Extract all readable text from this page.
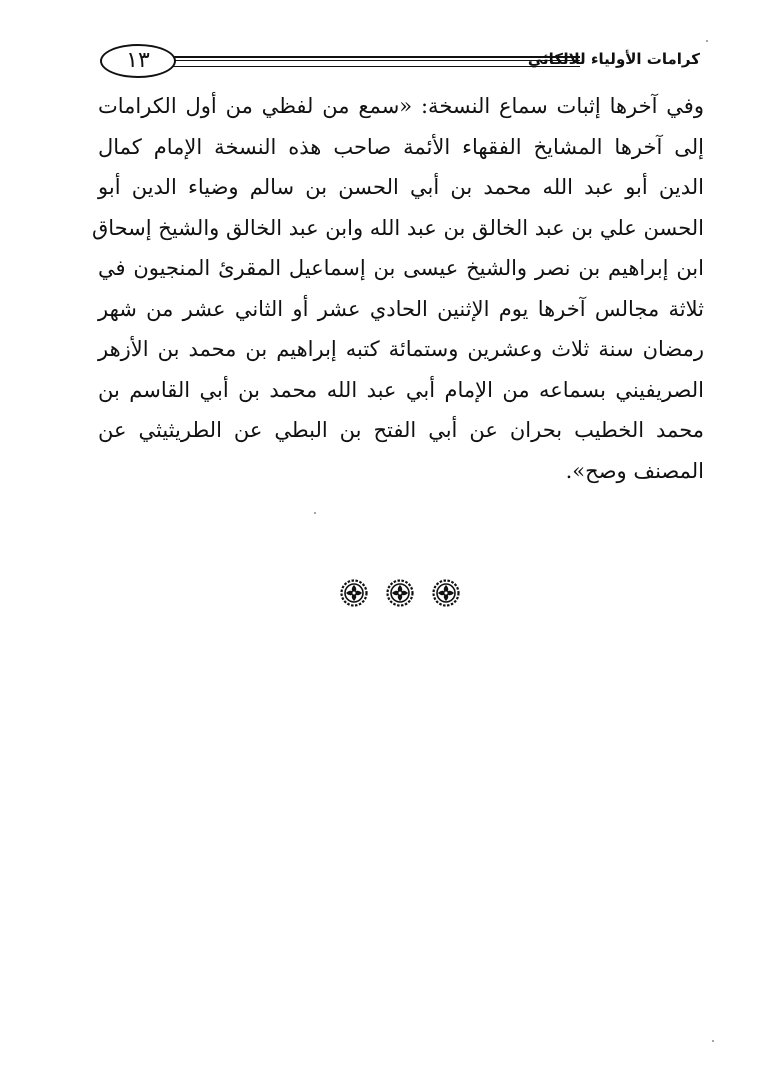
١٣	كرامات الأولياء للالكائي
وفي آخرها إثبات سماع النسخة: «سمع من لفظي من أول الكرامات
إلى آخرها المشايخ الفقهاء الأئمة صاحب هذه النسخة الإمام كمال
الدين أبو عبد الله محمد بن أبي الحسن بن سالم وضياء الدين أبو
الحسن علي بن عبد الخالق بن عبد الله وابن عبد الخالق والشيخ إسحاق
ابن إبراهيم بن نصر والشيخ عيسى بن إسماعيل المقرئ المنجيون في
ثلاثة مجالس آخرها يوم الإثنين الحادي عشر أو الثاني عشر من شهر
رمضان سنة ثلاث وعشرين وستمائة كتبه إبراهيم بن محمد بن الأزهر
الصريفيني بسماعه من الإمام أبي عبد الله محمد بن أبي القاسم بن
محمد الخطيب بحران عن أبي الفتح بن البطي عن الطريثيثي عن
المصنف وصح».
